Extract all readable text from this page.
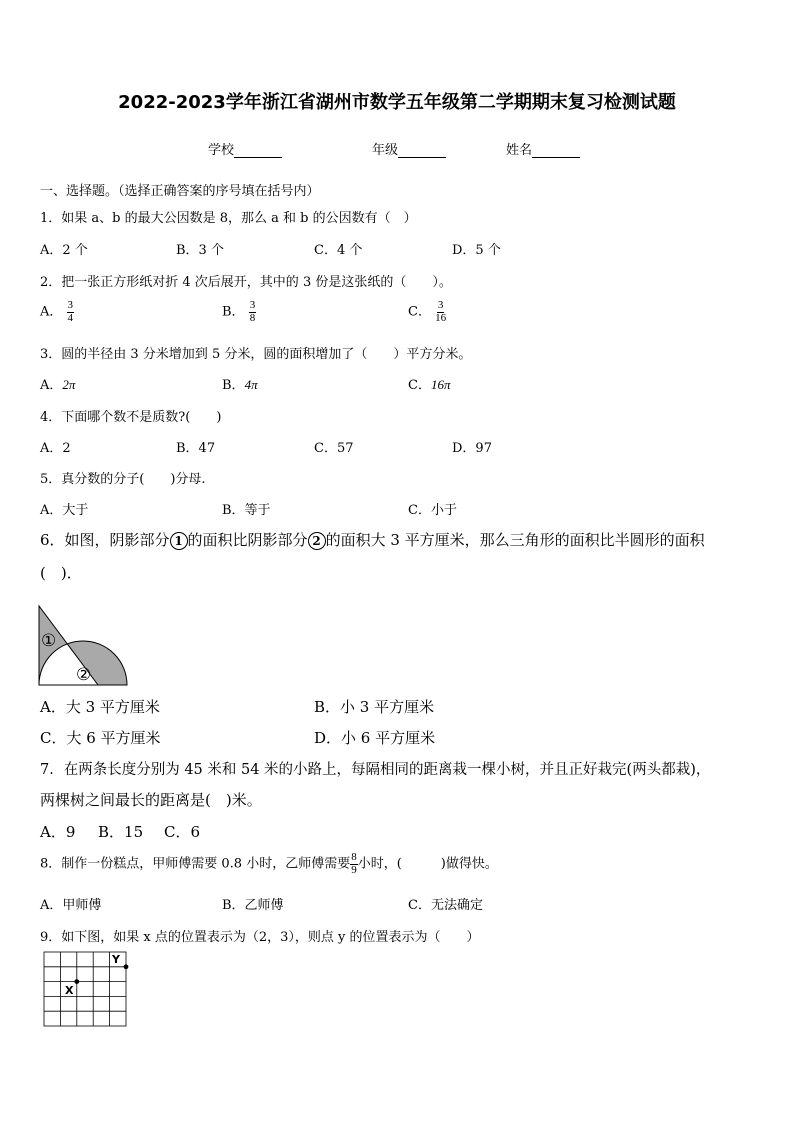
2022-2023学年浙江省湖州市数学五年级第二学期期末复习检测试题
学校	年级	姓名
一、选择题。（选择正确答案的序号填在括号内）
1．如果 a、b 的最大公因数是 8，那么 a 和 b 的公因数有（　）
A．2 个	B．3 个	C．4 个	D．5 个
2．把一张正方形纸对折 4 次后展开，其中的 3 份是这张纸的（　　）。
A． $\frac{3}{4}$	B． $\frac{3}{8}$	C． $\frac{3}{16}$
3．圆的半径由 3 分米增加到 5 分米，圆的面积增加了（　　）平方分米。
A．2π	B．4π	C．16π
4．下面哪个数不是质数?(　　)
A．2	B．47	C．57	D．97
5．真分数的分子(　　)分母.
A．大于	B．等于	C．小于
6．如图，阴影部分 1 的面积比阴影部分 2 的面积大 3 平方厘米，那么三角形的面积比半圆形的面积
(　)．
①
②
A．大 3 平方厘米	B．小 3 平方厘米
C．大 6 平方厘米	D．小 6 平方厘米
7．在两条长度分别为 45 米和 54 米的小路上，每隔相同的距离栽一棵小树，并且正好栽完(两头都栽)，
两棵树之间最长的距离是(　)米。
A．9 B．15 C．6
8．制作一份糕点，甲师傅需要 0.8 小时，乙师傅需要 $\frac{8}{9}$ 小时，(　　　)做得快。
A．甲师傅	B．乙师傅	C．无法确定
9．如下图，如果 x 点的位置表示为（2，3），则点 y 的位置表示为（　　）
X
Y
